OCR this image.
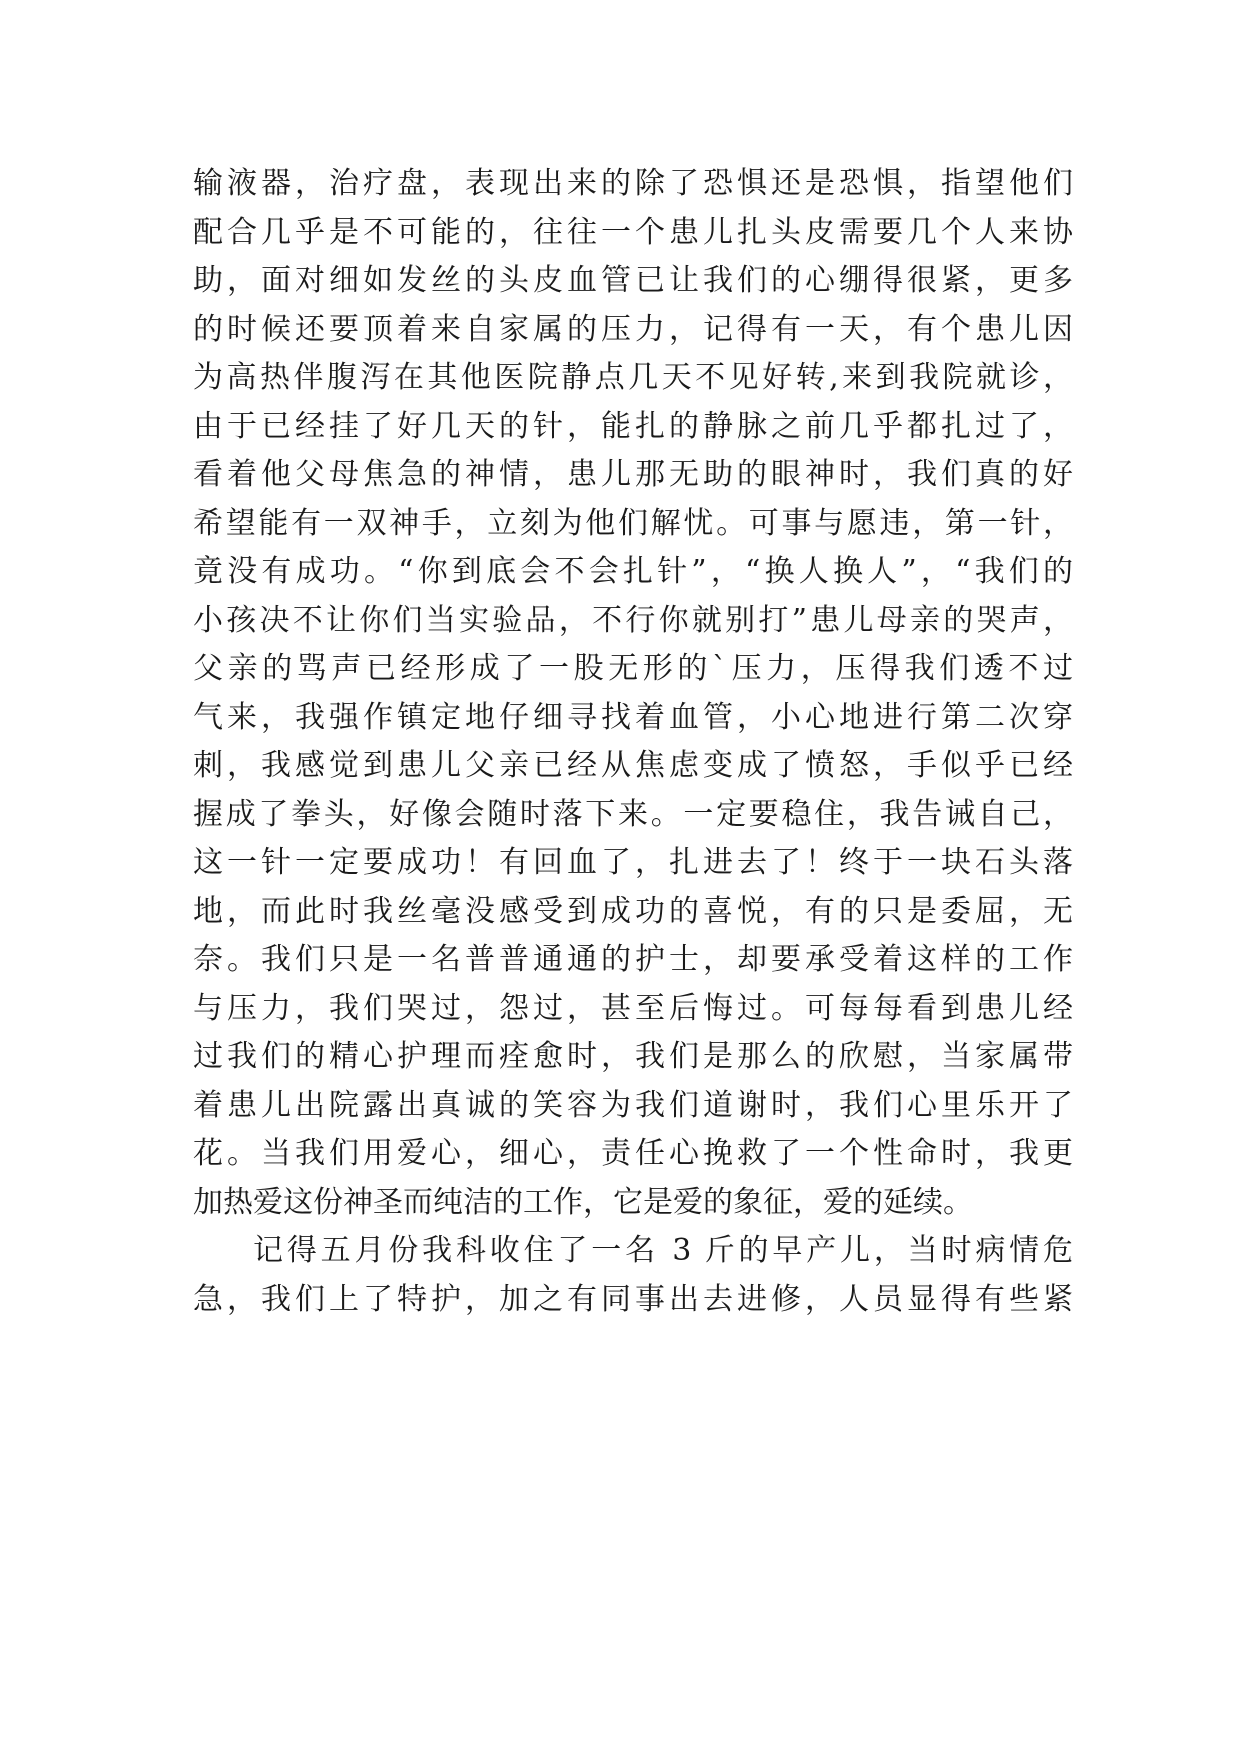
输液器，治疗盘，表现出来的除了恐惧还是恐惧，指望他们
配合几乎是不可能的，往往一个患儿扎头皮需要几个人来协
助，面对细如发丝的头皮血管已让我们的心绷得很紧，更多
的时候还要顶着来自家属的压力，记得有一天，有个患儿因
为高热伴腹泻在其他医院静点几天不见好转,来到我院就诊，
由于已经挂了好几天的针，能扎的静脉之前几乎都扎过了，
看着他父母焦急的神情，患儿那无助的眼神时，我们真的好
希望能有一双神手，立刻为他们解忧。可事与愿违，第一针，
竟没有成功。“你到底会不会扎针”，“换人换人”，“我们的
小孩决不让你们当实验品，不行你就别打”患儿母亲的哭声，
父亲的骂声已经形成了一股无形的`压力，压得我们透不过
气来，我强作镇定地仔细寻找着血管，小心地进行第二次穿
刺，我感觉到患儿父亲已经从焦虑变成了愤怒，手似乎已经
握成了拳头，好像会随时落下来。一定要稳住，我告诫自己，
这一针一定要成功！有回血了，扎进去了！终于一块石头落
地，而此时我丝毫没感受到成功的喜悦，有的只是委屈，无
奈。我们只是一名普普通通的护士，却要承受着这样的工作
与压力，我们哭过，怨过，甚至后悔过。可每每看到患儿经
过我们的精心护理而痊愈时，我们是那么的欣慰，当家属带
着患儿出院露出真诚的笑容为我们道谢时，我们心里乐开了
花。当我们用爱心，细心，责任心挽救了一个性命时，我更
加热爱这份神圣而纯洁的工作，它是爱的象征，爱的延续。
记得五月份我科收住了一名 3 斤的早产儿，当时病情危
急，我们上了特护，加之有同事出去进修，人员显得有些紧
